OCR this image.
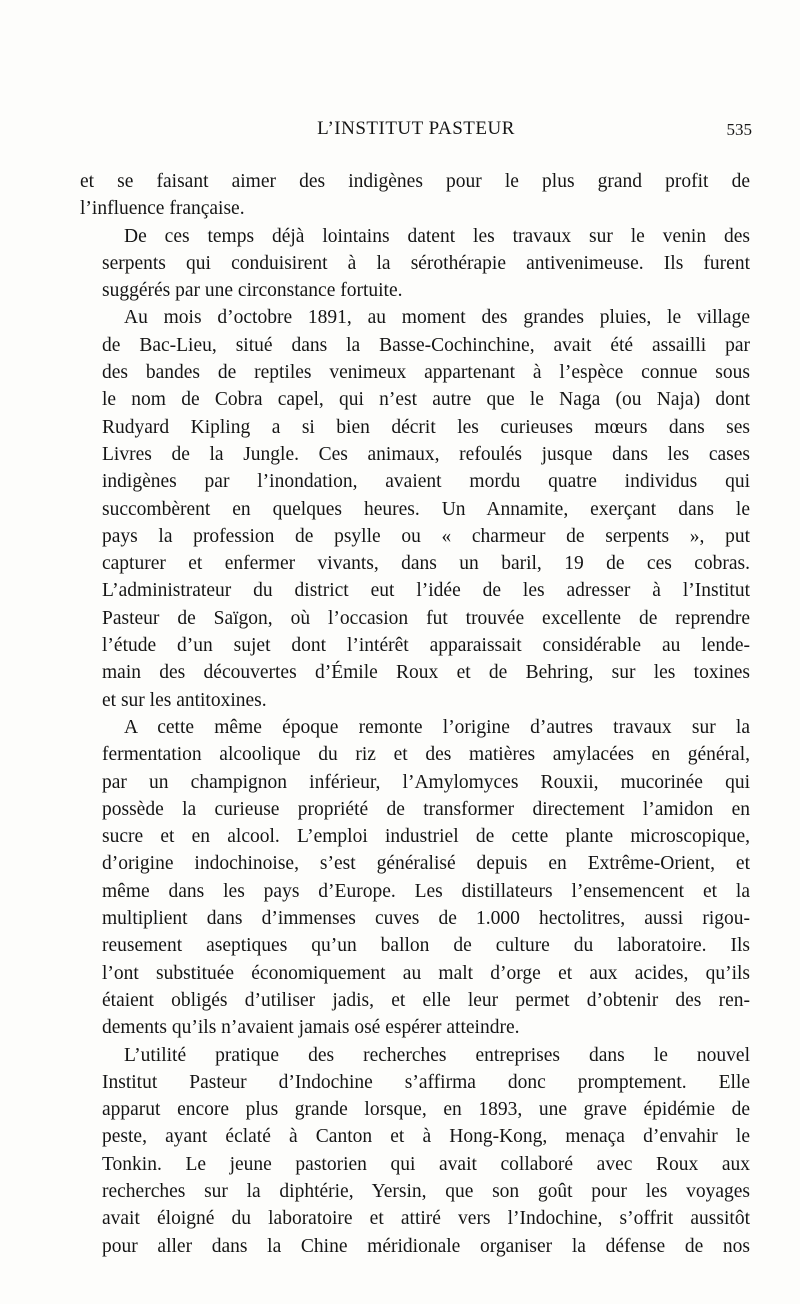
L’INSTITUT PASTEUR	535

et se faisant aimer des indigènes pour le plus grand profit de
l’influence française.

De ces temps déjà lointains datent les travaux sur le venin des
serpents qui conduisirent à la sérothérapie antivenimeuse. Ils furent
suggérés par une circonstance fortuite.

Au mois d’octobre 1891, au moment des grandes pluies, le village
de Bac-Lieu, situé dans la Basse-Cochinchine, avait été assailli par
des bandes de reptiles venimeux appartenant à l’espèce connue sous
le nom de Cobra capel, qui n’est autre que le Naga (ou Naja) dont
Rudyard Kipling a si bien décrit les curieuses mœurs dans ses
Livres de la Jungle. Ces animaux, refoulés jusque dans les cases
indigènes par l’inondation, avaient mordu quatre individus qui
succombèrent en quelques heures. Un Annamite, exerçant dans le
pays la profession de psylle ou « charmeur de serpents », put
capturer et enfermer vivants, dans un baril, 19 de ces cobras.
L’administrateur du district eut l’idée de les adresser à l’Institut
Pasteur de Saïgon, où l’occasion fut trouvée excellente de reprendre
l’étude d’un sujet dont l’intérêt apparaissait considérable au lende-
main des découvertes d’Émile Roux et de Behring, sur les toxines
et sur les antitoxines.

A cette même époque remonte l’origine d’autres travaux sur la
fermentation alcoolique du riz et des matières amylacées en général,
par un champignon inférieur, l’Amylomyces Rouxii, mucorinée qui
possède la curieuse propriété de transformer directement l’amidon en
sucre et en alcool. L’emploi industriel de cette plante microscopique,
d’origine indochinoise, s’est généralisé depuis en Extrême-Orient, et
même dans les pays d’Europe. Les distillateurs l’ensemencent et la
multiplient dans d’immenses cuves de 1.000 hectolitres, aussi rigou-
reusement aseptiques qu’un ballon de culture du laboratoire. Ils
l’ont substituée économiquement au malt d’orge et aux acides, qu’ils
étaient obligés d’utiliser jadis, et elle leur permet d’obtenir des ren-
dements qu’ils n’avaient jamais osé espérer atteindre.

L’utilité pratique des recherches entreprises dans le nouvel
Institut Pasteur d’Indochine s’affirma donc promptement. Elle
apparut encore plus grande lorsque, en 1893, une grave épidémie de
peste, ayant éclaté à Canton et à Hong-Kong, menaça d’envahir le
Tonkin. Le jeune pastorien qui avait collaboré avec Roux aux
recherches sur la diphtérie, Yersin, que son goût pour les voyages
avait éloigné du laboratoire et attiré vers l’Indochine, s’offrit aussitôt
pour aller dans la Chine méridionale organiser la défense de nos
